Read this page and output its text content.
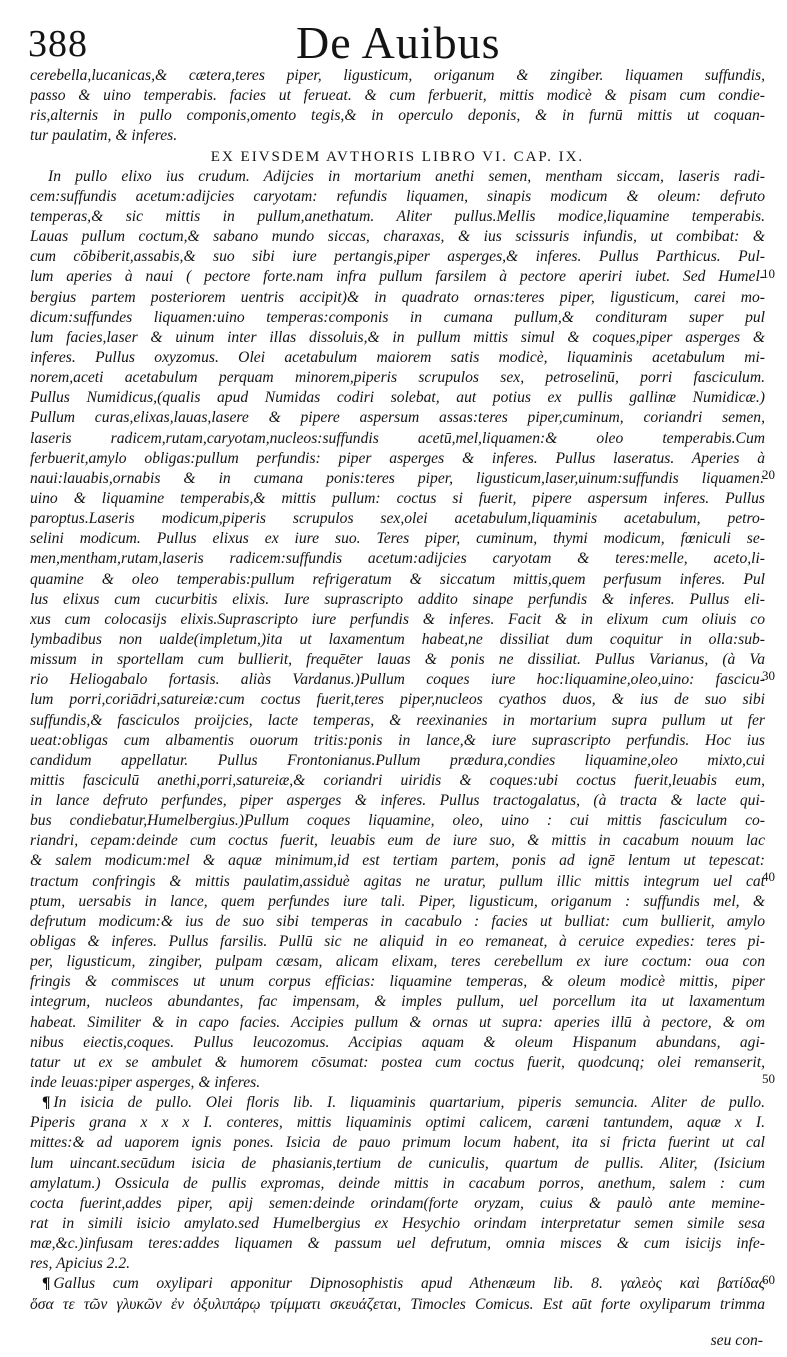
388	De Auibus
cerebella,lucanicas,& cætera,teres piper, ligusticum, origanum & zingiber. liquamen suffundis,
passo & uino temperabis. facies ut ferueat. & cum ferbuerit, mittis modicè & pisam cum condie‑
ris,alternis in pullo componis,omento tegis,& in operculo deponis, & in furnū mittis ut coquan‑
tur paulatim, & inferes.
EX EIVSDEM AVTHORIS LIBRO VI. CAP. IX.
In pullo elixo ius crudum. Adijcies in mortarium anethi semen, mentham siccam, laseris radi‑
cem:suffundis acetum:adijcies caryotam: refundis liquamen, sinapis modicum & oleum: defruto
temperas,& sic mittis in pullum,anethatum. Aliter pullus.Mellis modice,liquamine temperabis.
Lauas pullum coctum,& sabano mundo siccas, charaxas, & ius scissuris infundis, ut combibat: &
cum cōbiberit,assabis,& suo sibi iure pertangis,piper asperges,& inferes. Pullus Parthicus. Pul‑
lum aperies à naui ( pectore forte.nam infra pullum farsilem à pectore aperiri iubet. Sed Humel‑
bergius partem posteriorem uentris accipit)& in quadrato ornas:teres piper, ligusticum, carei mo‑
dicum:suffundes liquamen:uino temperas:componis in cumana pullum,& condituram super pul
lum facies,laser & uinum inter illas dissoluis,& in pullum mittis simul & coques,piper asperges &
inferes. Pullus oxyzomus. Olei acetabulum maiorem satis modicè, liquaminis acetabulum mi‑
norem,aceti acetabulum perquam minorem,piperis scrupulos sex, petroselinū, porri fasciculum.
Pullus Numidicus,(qualis apud Numidas codiri solebat, aut potius ex pullis gallinæ Numidicæ.)
Pullum curas,elixas,lauas,lasere & pipere aspersum assas:teres piper,cuminum, coriandri semen,
laseris radicem,rutam,caryotam,nucleos:suffundis acetū,mel,liquamen:& oleo temperabis.Cum
ferbuerit,amylo obligas:pullum perfundis: piper asperges & inferes. Pullus laseratus. Aperies à
naui:lauabis,ornabis & in cumana ponis:teres piper, ligusticum,laser,uinum:suffundis liquamen:
uino & liquamine temperabis,& mittis pullum: coctus si fuerit, pipere aspersum inferes. Pullus
paroptus.Laseris modicum,piperis scrupulos sex,olei acetabulum,liquaminis acetabulum, petro‑
selini modicum. Pullus elixus ex iure suo. Teres piper, cuminum, thymi modicum, fœniculi se‑
men,mentham,rutam,laseris radicem:suffundis acetum:adijcies caryotam & teres:melle, aceto,li‑
quamine & oleo temperabis:pullum refrigeratum & siccatum mittis,quem perfusum inferes. Pul
lus elixus cum cucurbitis elixis. Iure suprascripto addito sinape perfundis & inferes. Pullus eli‑
xus cum colocasijs elixis.Suprascripto iure perfundis & inferes. Facit & in elixum cum oliuis co
lymbadibus non ualde(impletum,)ita ut laxamentum habeat,ne dissiliat dum coquitur in olla:sub‑
missum in sportellam cum bullierit, frequēter lauas & ponis ne dissiliat. Pullus Varianus, (à Va
rio Heliogabalo fortasis. aliàs Vardanus.)Pullum coques iure hoc:liquamine,oleo,uino: fascicu‑
lum porri,coriādri,satureiæ:cum coctus fuerit,teres piper,nucleos cyathos duos, & ius de suo sibi
suffundis,& fasciculos proijcies, lacte temperas, & reexinanies in mortarium supra pullum ut fer
ueat:obligas cum albamentis ouorum tritis:ponis in lance,& iure suprascripto perfundis. Hoc ius
candidum appellatur. Pullus Frontonianus.Pullum prædura,condies liquamine,oleo mixto,cui
mittis fasciculū anethi,porri,satureiæ,& coriandri uiridis & coques:ubi coctus fuerit,leuabis eum,
in lance defruto perfundes, piper asperges & inferes. Pullus tractogalatus, (à tracta & lacte qui‑
bus condiebatur,Humelbergius.)Pullum coques liquamine, oleo, uino : cui mittis fasciculum co‑
riandri, cepam:deinde cum coctus fuerit, leuabis eum de iure suo, & mittis in cacabum nouum lac
& salem modicum:mel & aquæ minimum,id est tertiam partem, ponis ad ignē lentum ut tepescat:
tractum confringis & mittis paulatim,assiduè agitas ne uratur, pullum illic mittis integrum uel cat
ptum, uersabis in lance, quem perfundes iure tali. Piper, ligusticum, origanum : suffundis mel, &
defrutum modicum:& ius de suo sibi temperas in cacabulo : facies ut bulliat: cum bullierit, amylo
obligas & inferes. Pullus farsilis. Pullū sic ne aliquid in eo remaneat, à ceruice expedies: teres pi‑
per, ligusticum, zingiber, pulpam cæsam, alicam elixam, teres cerebellum ex iure coctum: oua con
fringis & commisces ut unum corpus efficias: liquamine temperas, & oleum modicè mittis, piper
integrum, nucleos abundantes, fac impensam, & imples pullum, uel porcellum ita ut laxamentum
habeat. Similiter & in capo facies. Accipies pullum & ornas ut supra: aperies illū à pectore, & om
nibus eiectis,coques. Pullus leucozomus. Accipias aquam & oleum Hispanum abundans, agi‑
tatur ut ex se ambulet & humorem cōsumat: postea cum coctus fuerit, quodcunq; olei remanserit,
inde leuas:piper asperges, & inferes.
¶ In isicia de pullo. Olei floris lib. I. liquaminis quartarium, piperis semuncia. Aliter de pullo.
Piperis grana x x x I. conteres, mittis liquaminis optimi calicem, caræni tantundem, aquæ x I.
mittes:& ad uaporem ignis pones. Isicia de pauo primum locum habent, ita si fricta fuerint ut cal
lum uincant.secūdum isicia de phasianis,tertium de cuniculis, quartum de pullis. Aliter, (Isicium
amylatum.) Ossicula de pullis expromas, deinde mittis in cacabum porros, anethum, salem : cum
cocta fuerint,addes piper, apij semen:deinde orindam(forte oryzam, cuius & paulò ante memine‑
rat in simili isicio amylato.sed Humelbergius ex Hesychio orindam interpretatur semen simile sesa
mæ,&c.)infusam teres:addes liquamen & passum uel defrutum, omnia misces & cum isicijs infe‑
res, Apicius 2.2.
¶ Gallus cum oxylipari apponitur Dipnosophistis apud Athenæum lib. 8. γαλεὸς καὶ βατίδας
ὅσα τε τῶν γλυκῶν ἐν ὀξυλιπάρῳ τρίμματι σκευάζεται, Timocles Comicus. Est aūt forte oxyliparum trimma
10
20
30
40
50
60
seu con‑
